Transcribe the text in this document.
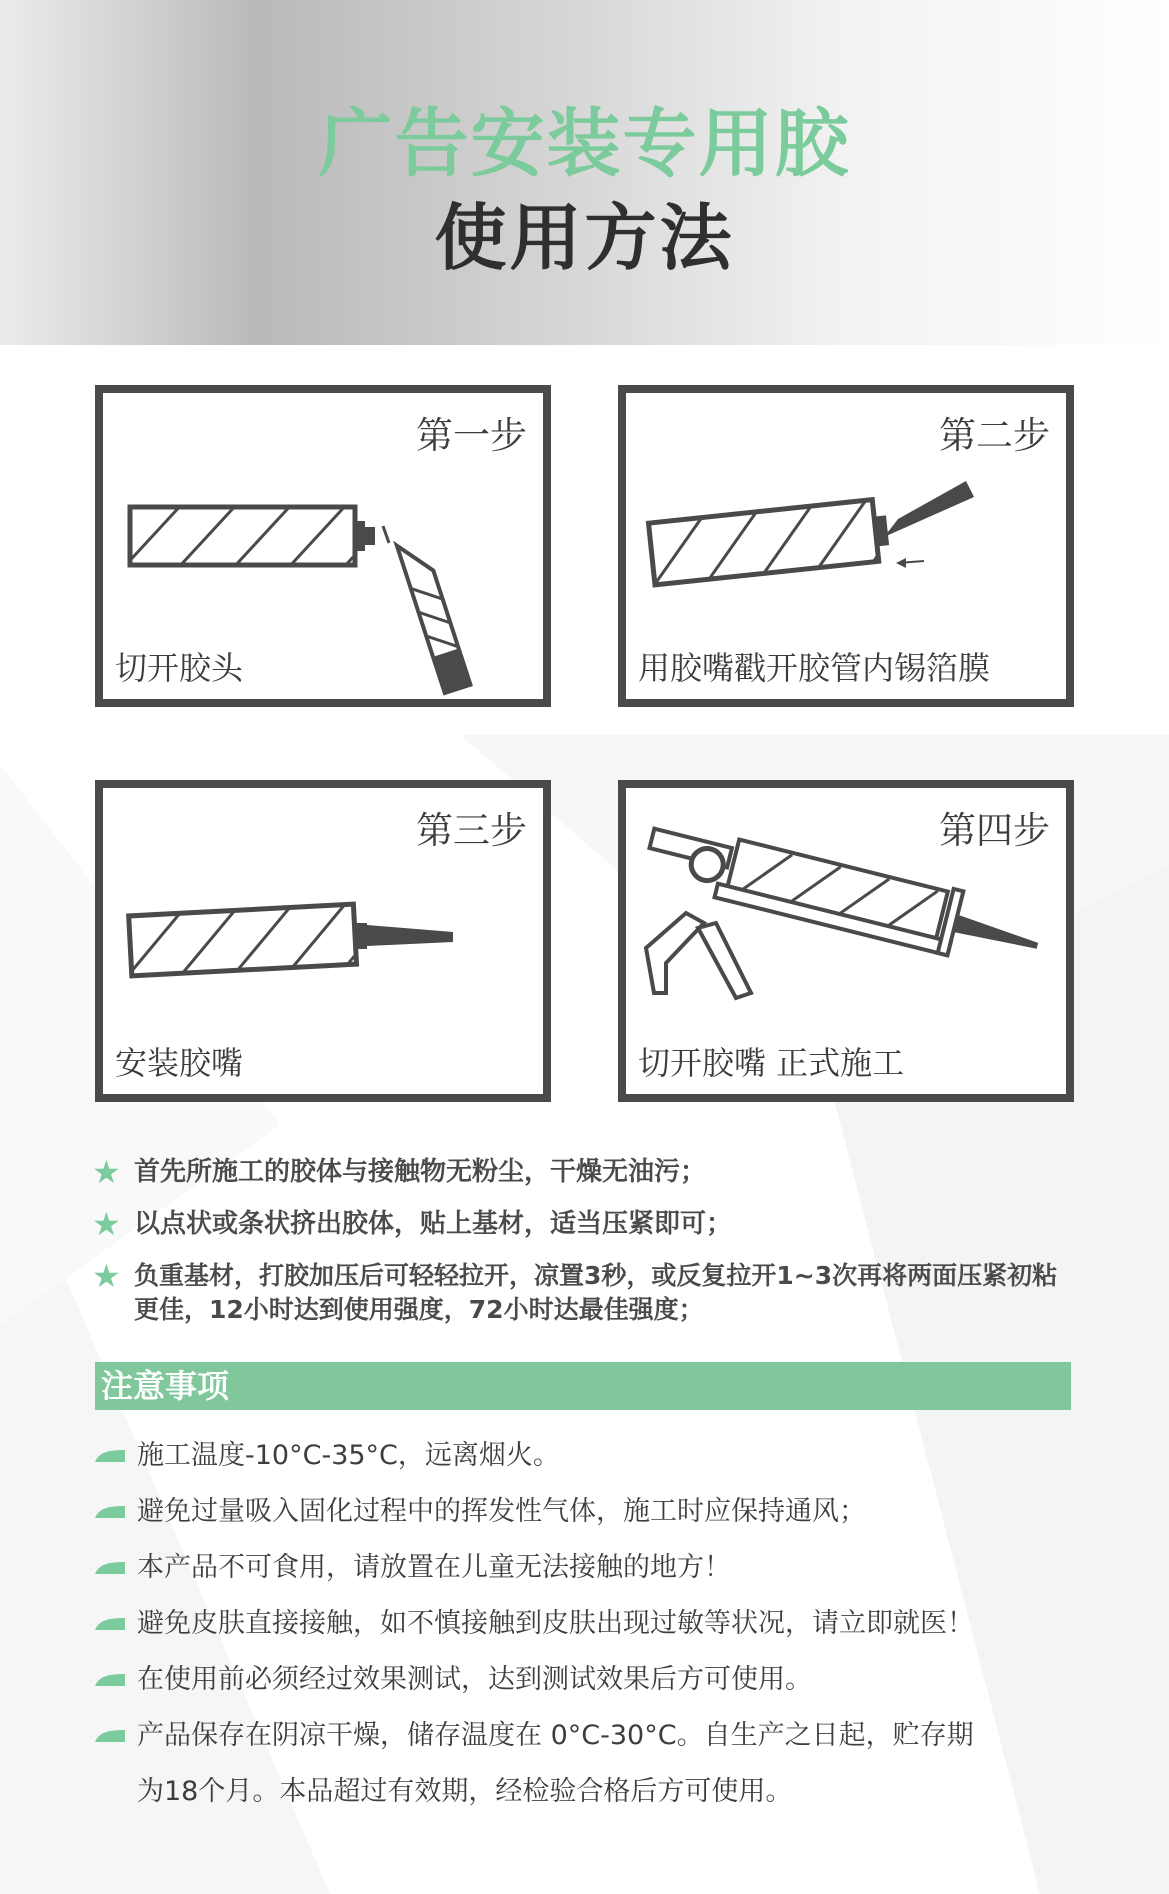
广告安装专用胶
使用方法
第一步
切开胶头
第二步
用胶嘴戳开胶管内锡箔膜
第三步
安装胶嘴
第四步
切开胶嘴 正式施工
★ 首先所施工的胶体与接触物无粉尘，干燥无油污；
★ 以点状或条状挤出胶体，贴上基材，适当压紧即可；
★ 负重基材，打胶加压后可轻轻拉开，凉置3秒，或反复拉开1~3次再将两面压紧初粘
更佳，12小时达到使用强度，72小时达最佳强度；
注意事项
施工温度-10°C-35°C，远离烟火。
避免过量吸入固化过程中的挥发性气体，施工时应保持通风；
本产品不可食用，请放置在儿童无法接触的地方！
避免皮肤直接接触，如不慎接触到皮肤出现过敏等状况，请立即就医！
在使用前必须经过效果测试，达到测试效果后方可使用。
产品保存在阴凉干燥，储存温度在 0°C-30°C。自生产之日起，贮存期
为18个月。本品超过有效期，经检验合格后方可使用。
